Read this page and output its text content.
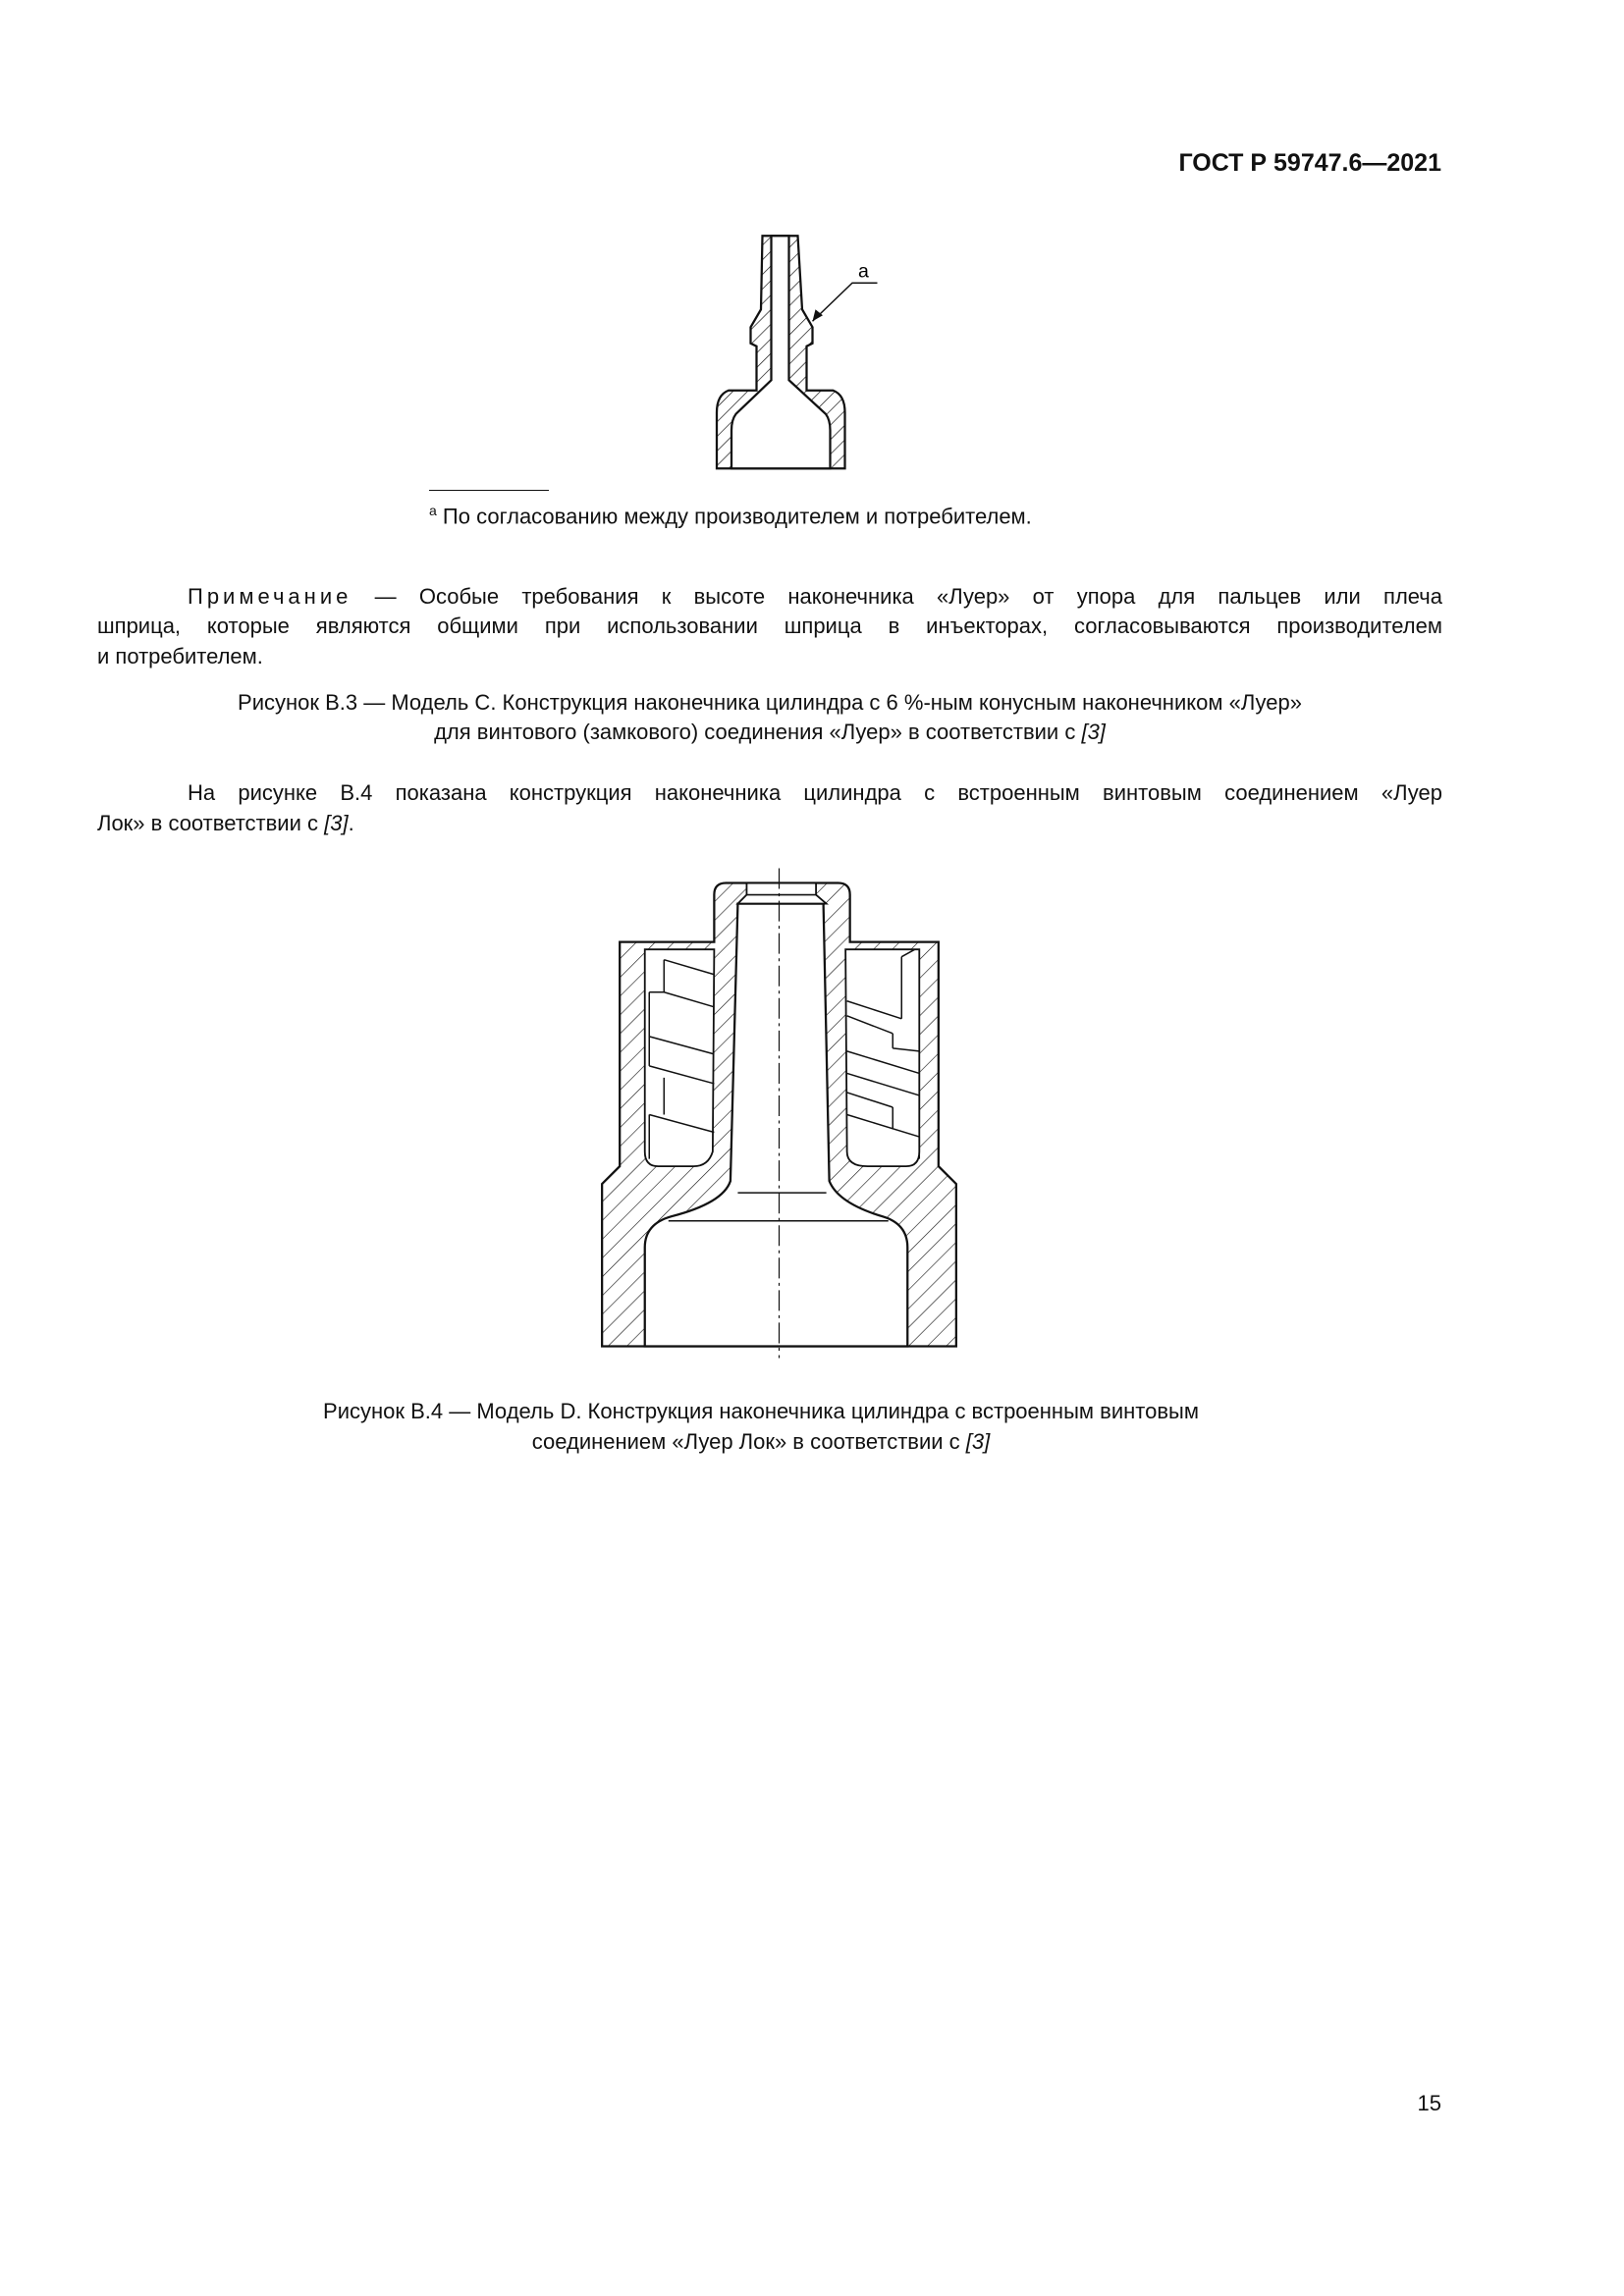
ГОСТ Р 59747.6—2021
a
$^a$ По согласованию между производителем и потребителем.
Примечание — Особые требования к высоте наконечника «Луер» от упора для пальцев или плеча
шприца, которые являются общими при использовании шприца в инъекторах, согласовываются производителем
и потребителем.
Рисунок В.3 — Модель С. Конструкция наконечника цилиндра с 6 %-ным конусным наконечником «Луер»
для винтового (замкового) соединения «Луер» в соответствии с [3]
На рисунке В.4 показана конструкция наконечника цилиндра с встроенным винтовым соединением «Луер
Лок» в соответствии с [3].
Рисунок В.4 — Модель D. Конструкция наконечника цилиндра с встроенным винтовым
соединением «Луер Лок» в соответствии с [3]
15
